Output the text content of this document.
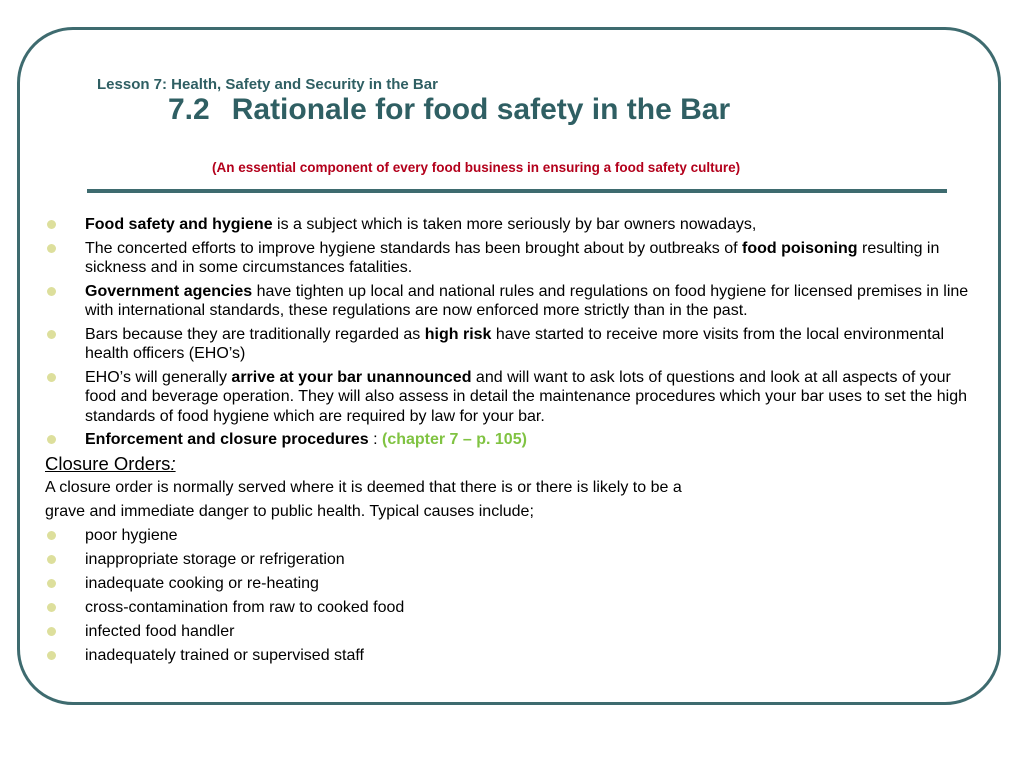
Lesson 7: Health, Safety and Security in the Bar
7.2 Rationale for food safety in the Bar
(An essential component of every food business in ensuring a food safety culture)
Food safety and hygiene is a subject which is taken more seriously by bar owners nowadays,
The concerted efforts to improve hygiene standards has been brought about by outbreaks of food poisoning resulting in sickness and in some circumstances fatalities.
Government agencies have tighten up local and national rules and regulations on food hygiene for licensed premises in line with international standards, these regulations are now enforced more strictly than in the past.
Bars because they are traditionally regarded as high risk have started to receive more visits from the local environmental health officers (EHO’s)
EHO’s will generally arrive at your bar unannounced and will want to ask lots of questions and look at all aspects of your food and beverage operation. They will also assess in detail the maintenance procedures which your bar uses to set the high standards of food hygiene which are required by law for your bar.
Enforcement and closure procedures : (chapter 7 – p. 105)
Closure Orders:
A closure order is normally served where it is deemed that there is or there is likely to be a
grave and immediate danger to public health. Typical causes include;
poor hygiene
inappropriate storage or refrigeration
inadequate cooking or re-heating
cross-contamination from raw to cooked food
infected food handler
inadequately trained or supervised staff
